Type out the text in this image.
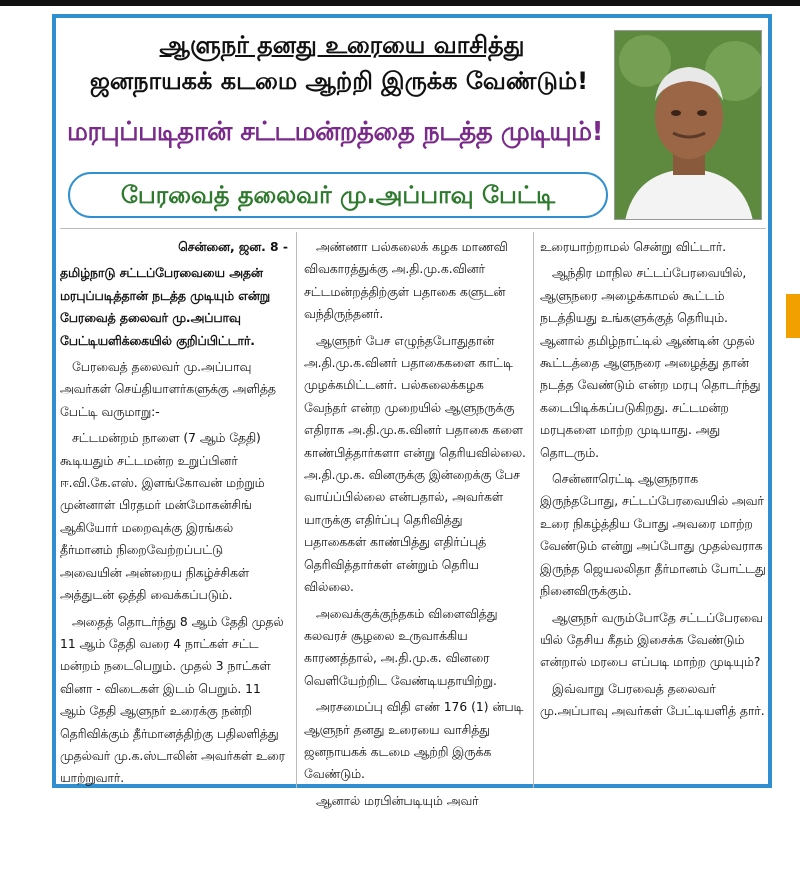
ஆளுநர் தனது உரையை வாசித்து
ஜனநாயகக் கடமை ஆற்றி இருக்க வேண்டும்!
மரபுப்படிதான் சட்டமன்றத்தை நடத்த முடியும்!
பேரவைத் தலைவர் மு.அப்பாவு பேட்டி

சென்னை, ஜன. 8 -

தமிழ்நாடு சட்டப்பேரவையை அதன் மரபுப்படித்தான் நடத்த முடியும் என்று பேரவைத் தலைவர் மு.அப்பாவு பேட்டியளிக்கையில் குறிப்பிட்டார்.

பேரவைத் தலைவர் மு.அப்பாவு அவர்கள் செய்தியாளர்களுக்கு அளித்த பேட்டி வருமாறு:-

சட்டமன்றம் நாளை (7 ஆம் தேதி) கூடியதும் சட்டமன்ற உறுப்பினர் ஈ.வி.கே.எஸ். இளங்கோவன் மற்றும் முன்னாள் பிரதமர் மன்மோகன்சிங் ஆகியோர் மறைவுக்கு இரங்கல் தீர்மானம் நிறைவேற்றப்பட்டு அவையின் அன்றைய நிகழ்ச்சிகள் அத்துடன் ஒத்தி வைக்கப்படும்.

அதைத் தொடர்ந்து 8 ஆம் தேதி முதல் 11 ஆம் தேதி வரை 4 நாட்கள் சட்ட மன்றம் நடைபெறும். முதல் 3 நாட்கள் வினா - விடைகள் இடம் பெறும். 11 ஆம் தேதி ஆளுநர் உரைக்கு நன்றி தெரிவிக்கும் தீர்மானத்திற்கு பதிலளித்து முதல்வர் மு.க.ஸ்டாலின் அவர்கள் உரை யாற்றுவார்.

அண்ணா பல்கலைக் கழக மாணவி விவகாரத்துக்கு அ.தி.மு.க.வினர் சட்டமன்றத்திற்குள் பதாகை களுடன் வந்திருந்தனர்.

ஆளுநர் பேச எழுந்தபோதுதான் அ.தி.மு.க.வினர் பதாகைகளை காட்டி முழக்கமிட்டனர். பல்கலைக்கழக வேந்தர் என்ற முறையில் ஆளுநருக்கு எதிராக அ.தி.மு.க.வினர் பதாகை களை காண்பித்தார்களா என்று தெரியவில்லை. அ.தி.மு.க. வினருக்கு இன்றைக்கு பேச வாய்ப்பில்லை என்பதால், அவர்கள் யாருக்கு எதிர்ப்பு தெரிவித்து பதாகைகள் காண்பித்து எதிர்ப்புத் தெரிவித்தார்கள் என்றும் தெரிய வில்லை.

அவைக்குக்குந்தகம் விளைவித்து கலவரச் சூழலை உருவாக்கிய காரணத்தால், அ.தி.மு.க. வினரை வெளியேற்றிட வேண்டியதாயிற்று.

அரசமைப்பு விதி எண் 176 (1) ன்படி ஆளுநர் தனது உரையை வாசித்து ஜனநாயகக் கடமை ஆற்றி இருக்க வேண்டும்.

ஆனால் மரபின்படியும் அவர்

உரையாற்றாமல் சென்று விட்டார்.

ஆந்திர மாநில சட்டப்பேரவையில், ஆளுநரை அழைக்காமல் கூட்டம் நடத்தியது உங்களுக்குத் தெரியும். ஆனால் தமிழ்நாட்டில் ஆண்டின் முதல் கூட்டத்தை ஆளுநரை அழைத்து தான் நடத்த வேண்டும் என்ற மரபு தொடர்ந்து கடைபிடிக்கப்படுகிறது. சட்டமன்ற மரபுகளை மாற்ற முடியாது. அது தொடரும்.

சென்னாரெட்டி ஆளுநராக இருந்தபோது, சட்டப்பேரவையில் அவர் உரை நிகழ்த்திய போது அவரை மாற்ற வேண்டும் என்று அப்போது முதல்வராக இருந்த ஜெயலலிதா தீர்மானம் போட்டது நினைவிருக்கும்.

ஆளுநர் வரும்போதே சட்டப்பேரவை யில் தேசிய கீதம் இசைக்க வேண்டும் என்றால் மரபை எப்படி மாற்ற முடியும்?

இவ்வாறு பேரவைத் தலைவர் மு.அப்பாவு அவர்கள் பேட்டியளித் தார்.
